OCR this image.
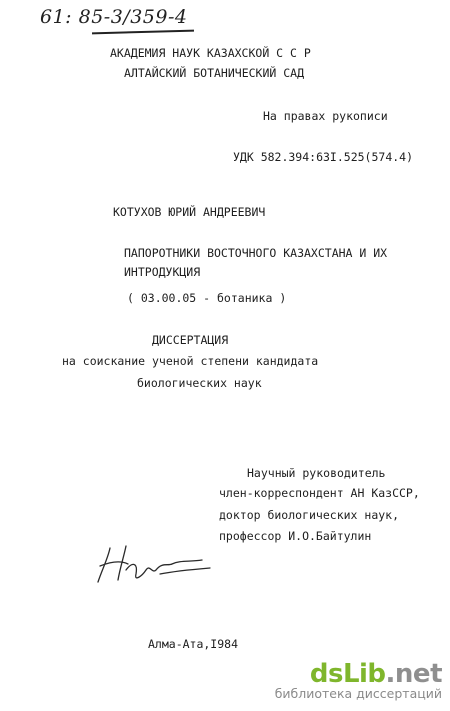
61: 85-3/359-4
АКАДЕМИЯ НАУК КАЗАХСКОЙ С С Р
АЛТАЙСКИЙ БОТАНИЧЕСКИЙ САД
На правах рукописи
УДК 582.394:63I.525(574.4)
КОТУХОВ ЮРИЙ АНДРЕЕВИЧ
ПАПОРОТНИКИ ВОСТОЧНОГО КАЗАХСТАНА И ИХ
ИНТРОДУКЦИЯ
( 03.00.05 - ботаника )
ДИССЕРТАЦИЯ
на соискание ученой степени кандидата
биологических наук
Научный руководитель
член-корреспондент АН КазССР,
доктор биологических наук,
профессор И.О.Байтулин
Алма-Ата,I984
dsLib.net
библиотека диссертаций
